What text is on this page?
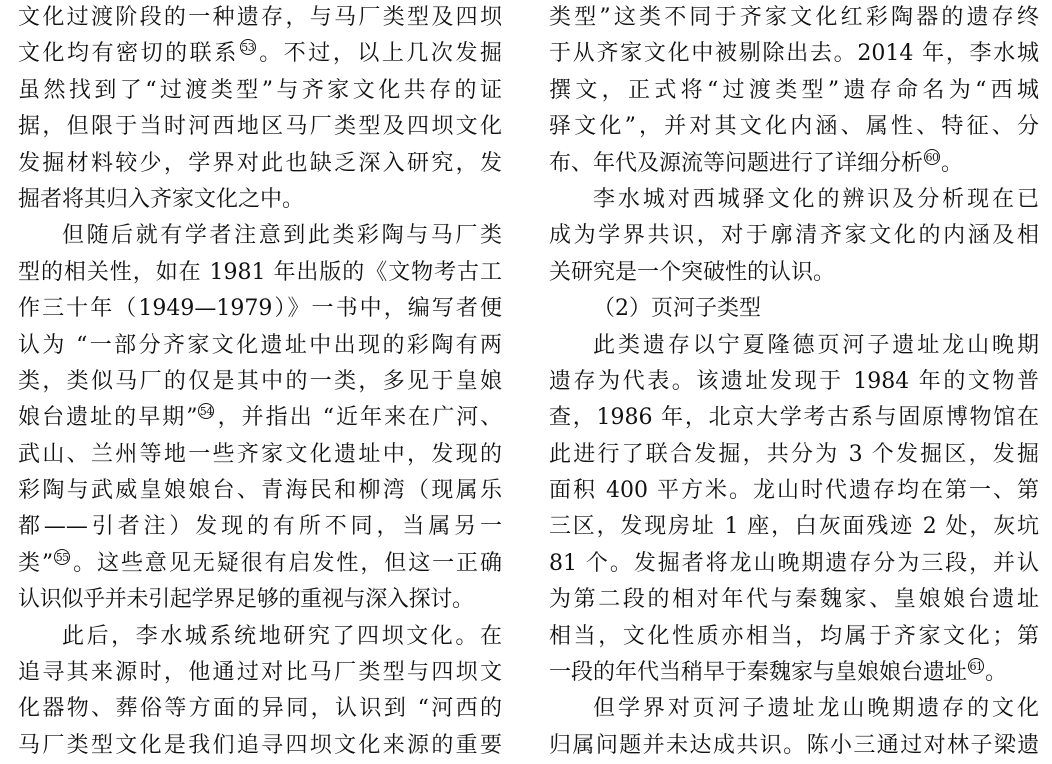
文化过渡阶段的一种遗存，与马厂类型及四坝
文化均有密切的联系 53 。不过，以上几次发掘
虽然找到了“过渡类型”与齐家文化共存的证
据，但限于当时河西地区马厂类型及四坝文化
发掘材料较少，学界对此也缺乏深入研究，发
掘者将其归入齐家文化之中。
但随后就有学者注意到此类彩陶与马厂类
型的相关性，如在 1981 年出版的《文物考古工
作三十年（1949—1979）》一书中，编写者便
认为 “一部分齐家文化遗址中出现的彩陶有两
类，类似马厂的仅是其中的一类，多见于皇娘
娘台遗址的早期” 54 ，并指出 “近年来在广河、
武山、兰州等地一些齐家文化遗址中，发现的
彩陶与武威皇娘娘台、青海民和柳湾（现属乐
都——引者注）发现的有所不同，当属另一
类” 55 。这些意见无疑很有启发性，但这一正确
认识似乎并未引起学界足够的重视与深入探讨。
此后，李水城系统地研究了四坝文化。在
追寻其来源时，他通过对比马厂类型与四坝文
化器物、葬俗等方面的异同，认识到 “河西的
马厂类型文化是我们追寻四坝文化来源的重要
类型”这类不同于齐家文化红彩陶器的遗存终
于从齐家文化中被剔除出去。2014 年，李水城
撰文，正式将“过渡类型”遗存命名为“西城
驿文化”，并对其文化内涵、属性、特征、分
布、年代及源流等问题进行了详细分析 60 。
李水城对西城驿文化的辨识及分析现在已
成为学界共识，对于廓清齐家文化的内涵及相
关研究是一个突破性的认识。
（2）页河子类型
此类遗存以宁夏隆德页河子遗址龙山晚期
遗存为代表。该遗址发现于 1984 年的文物普
查，1986 年，北京大学考古系与固原博物馆在
此进行了联合发掘，共分为 3 个发掘区，发掘
面积 400 平方米。龙山时代遗存均在第一、第
三区，发现房址 1 座，白灰面残迹 2 处，灰坑
81 个。发掘者将龙山晚期遗存分为三段，并认
为第二段的相对年代与秦魏家、皇娘娘台遗址
相当，文化性质亦相当，均属于齐家文化；第
一段的年代当稍早于秦魏家与皇娘娘台遗址 61 。
但学界对页河子遗址龙山晚期遗存的文化
归属问题并未达成共识。陈小三通过对林子梁遗
